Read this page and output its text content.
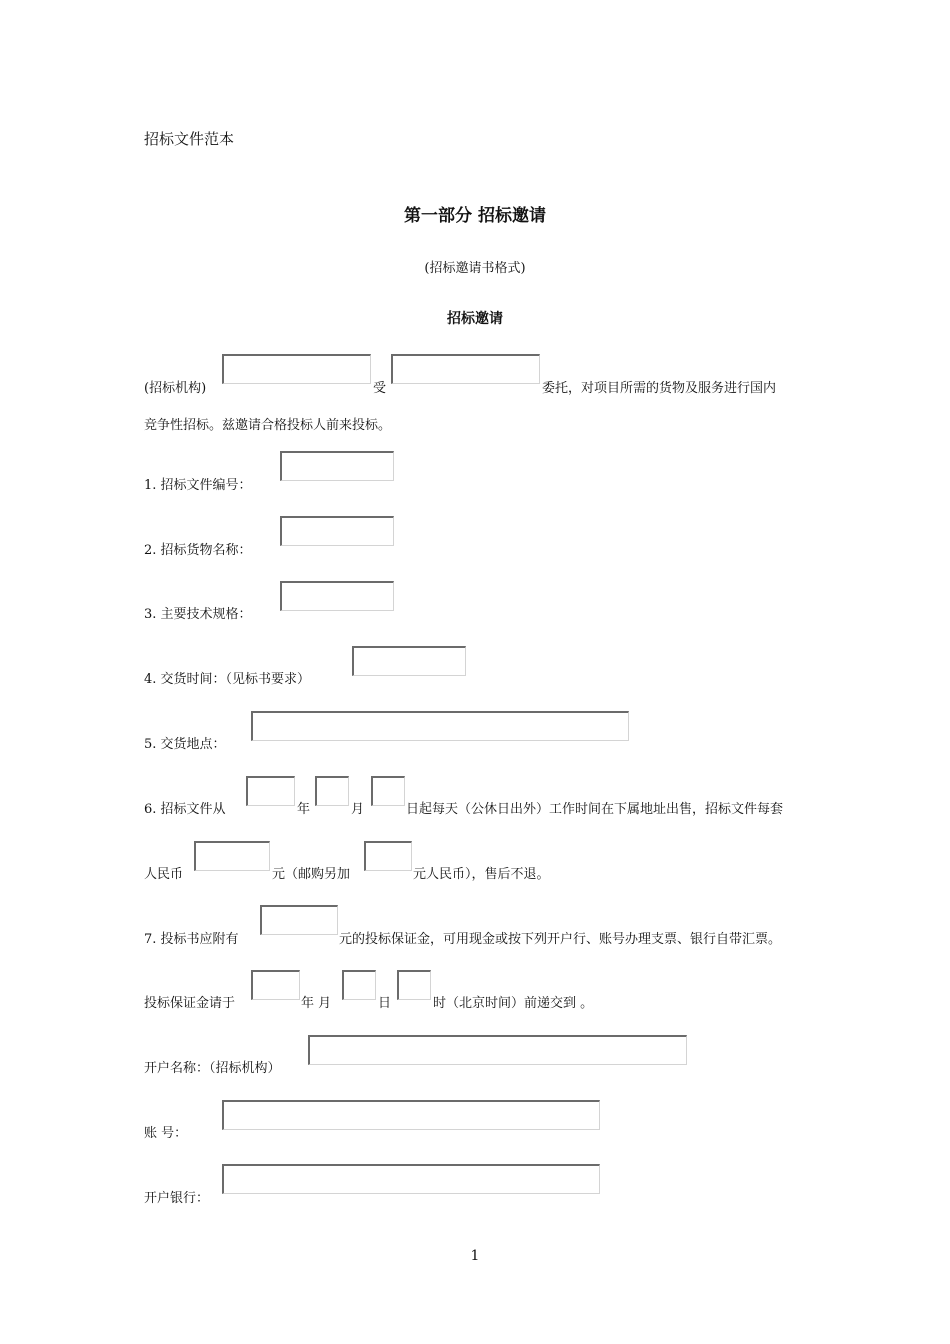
招标文件范本
第一部分 招标邀请
(招标邀请书格式)
招标邀请
(招标机构)	受	委托，对项目所需的货物及服务进行国内
竞争性招标。兹邀请合格投标人前来投标。
1. 招标文件编号：
2. 招标货物名称：
3. 主要技术规格：
4. 交货时间：（见标书要求）
5. 交货地点：
6. 招标文件从	年	月	日起每天（公休日出外）工作时间在下属地址出售，招标文件每套
人民币	元（邮购另加	元人民币），售后不退。
7. 投标书应附有	元的投标保证金，可用现金或按下列开户行、账号办理支票、银行自带汇票。
投标保证金请于	年 月	日	时（北京时间）前递交到 。
开户名称：（招标机构）
账 号：
开户银行：
1
